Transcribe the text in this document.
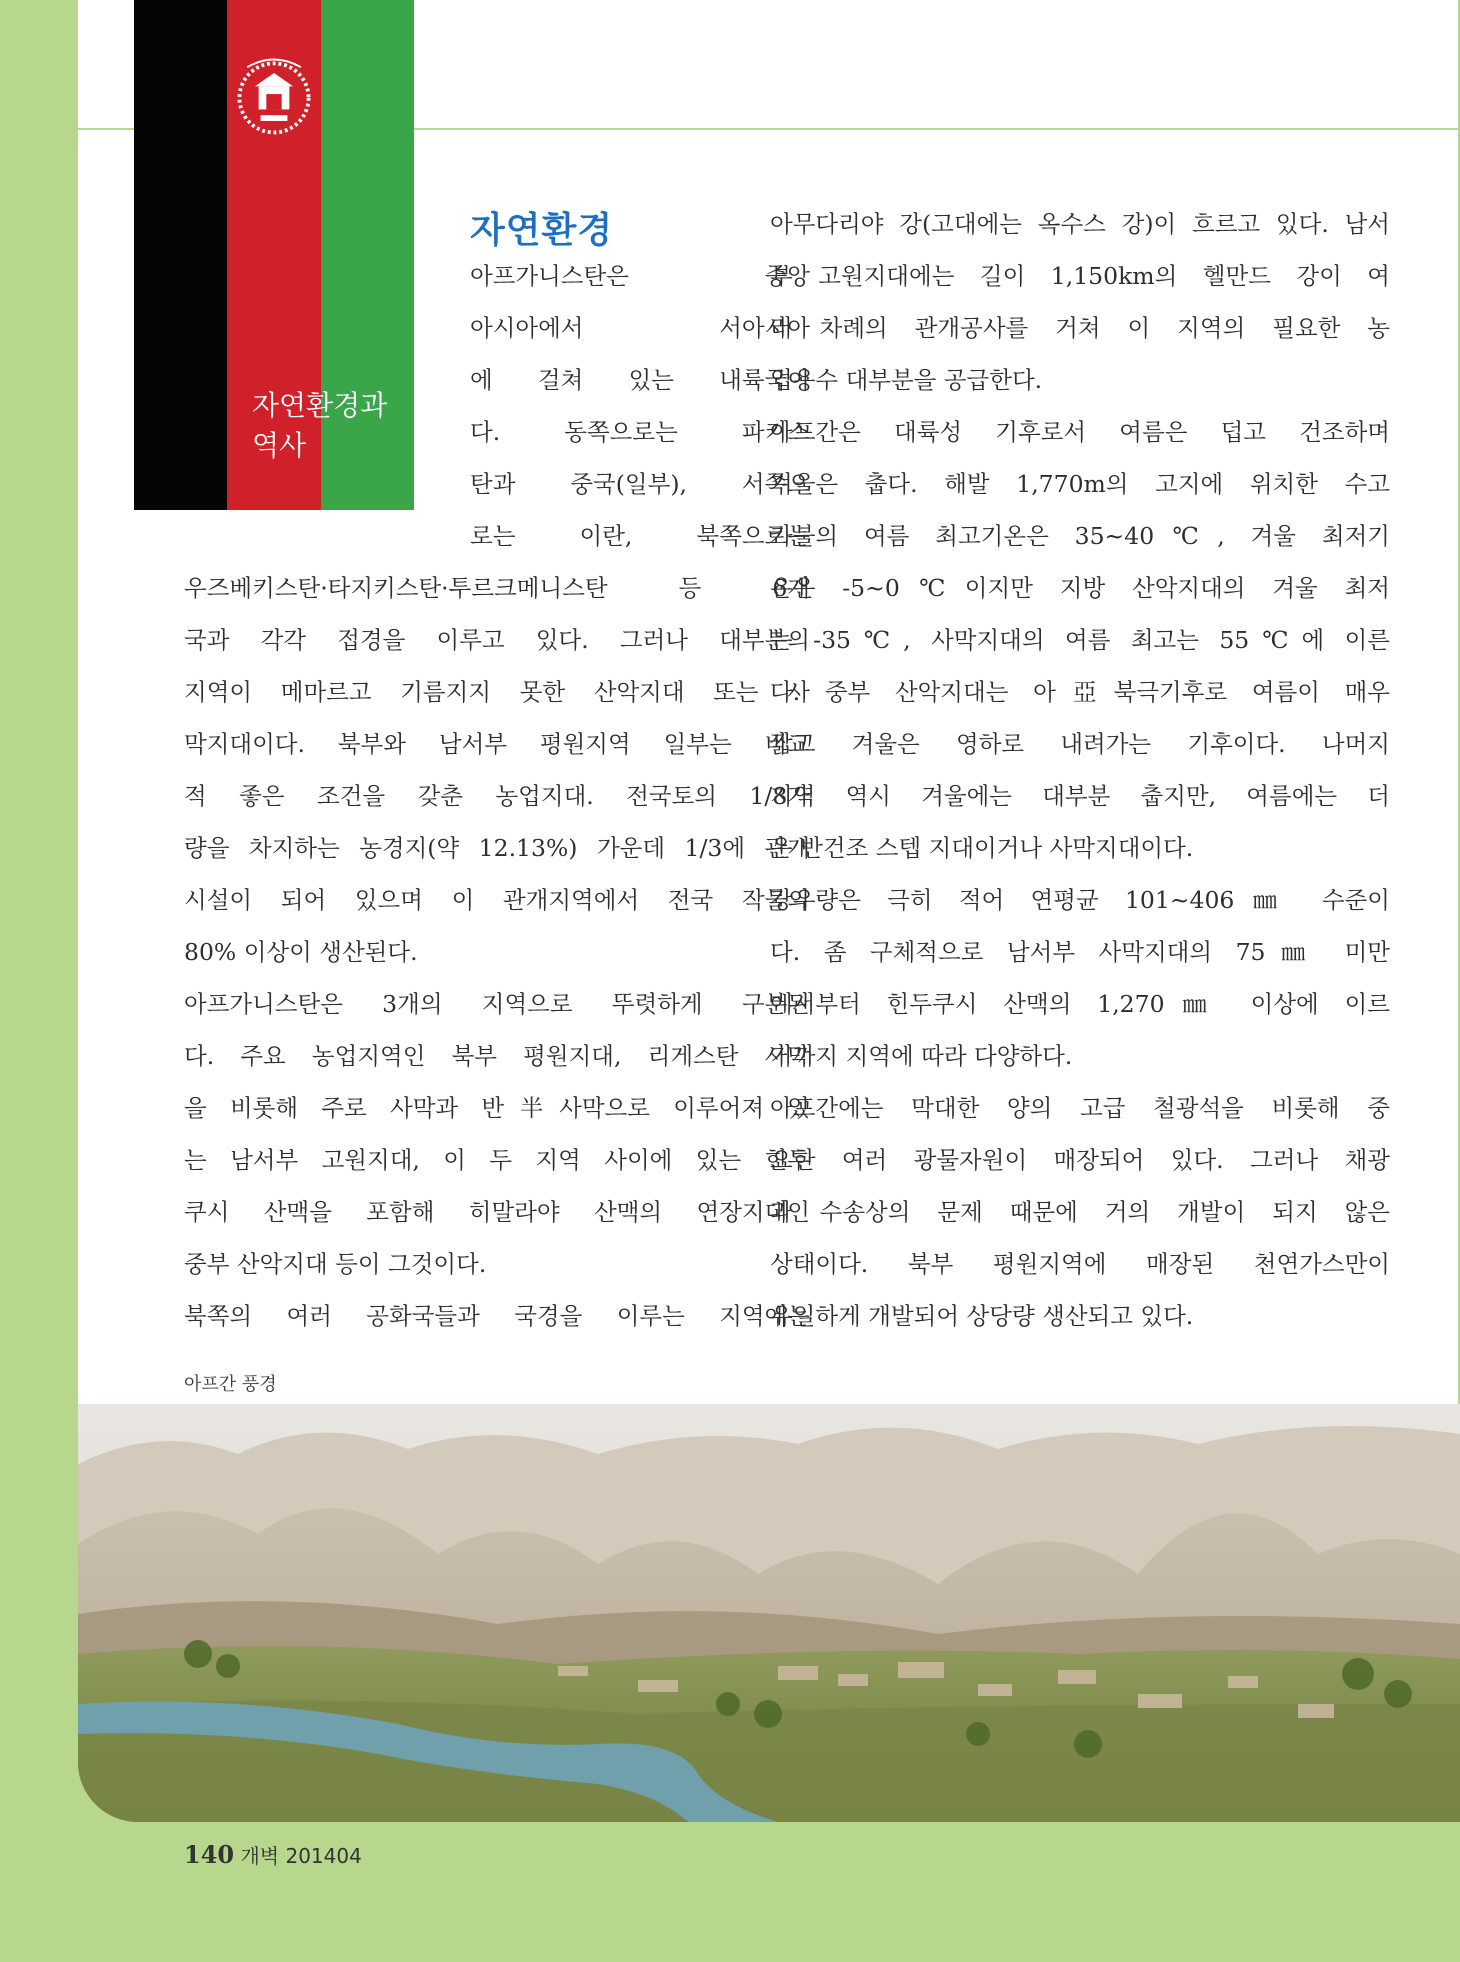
자연환경과 역사
자연환경
아프가니스탄은 중앙
아시아에서 서아시아
에 걸쳐 있는 내륙국이
다. 동쪽으로는 파키스
탄과 중국(일부), 서쪽으
로는 이란, 북쪽으로는
우즈베키스탄·타지키스탄·투르크메니스탄 등 6개
국과 각각 접경을 이루고 있다. 그러나 대부분의
지역이 메마르고 기름지지 못한 산악지대 또는 사
막지대이다. 북부와 남서부 평원지역 일부는 비교
적 좋은 조건을 갖춘 농업지대. 전국토의 1/8가
량을 차지하는 농경지(약 12.13%) 가운데 1/3에 관개
시설이 되어 있으며 이 관개지역에서 전국 작물의
80% 이상이 생산된다.
아프가니스탄은 3개의 지역으로 뚜렷하게 구분된
다. 주요 농업지역인 북부 평원지대, 리게스탄 사막
을 비롯해 주로 사막과 반半사막으로 이루어져 있
는 남서부 고원지대, 이 두 지역 사이에 있는 힌두
쿠시 산맥을 포함해 히말라야 산맥의 연장지대인
중부 산악지대 등이 그것이다.
북쪽의 여러 공화국들과 국경을 이루는 지역에는
아무다리야 강(고대에는 옥수스 강)이 흐르고 있다. 남서
부 고원지대에는 길이 1,150km의 헬만드 강이 여
러 차례의 관개공사를 거쳐 이 지역의 필요한 농
업용수 대부분을 공급한다.
아프간은 대륙성 기후로서 여름은 덥고 건조하며
겨울은 춥다. 해발 1,770m의 고지에 위치한 수고
카불의 여름 최고기온은 35~40℃, 겨울 최저기
온은 -5~0℃이지만 지방 산악지대의 겨울 최저
는 -35℃, 사막지대의 여름 최고는 55℃에 이른
다. 중부 산악지대는 아亞북극기후로 여름이 매우
짧고 겨울은 영하로 내려가는 기후이다. 나머지
지역 역시 겨울에는 대부분 춥지만, 여름에는 더
운 반건조 스텝 지대이거나 사막지대이다.
강우량은 극히 적어 연평균 101~406㎜ 수준이
다. 좀 구체적으로 남서부 사막지대의 75㎜ 미만
에서부터 힌두쿠시 산맥의 1,270㎜ 이상에 이르
기까지 지역에 따라 다양하다.
아프간에는 막대한 양의 고급 철광석을 비롯해 중
요한 여러 광물자원이 매장되어 있다. 그러나 채광
과 수송상의 문제 때문에 거의 개발이 되지 않은
상태이다. 북부 평원지역에 매장된 천연가스만이
유일하게 개발되어 상당량 생산되고 있다.
아프간 풍경
140 개벽 201404
